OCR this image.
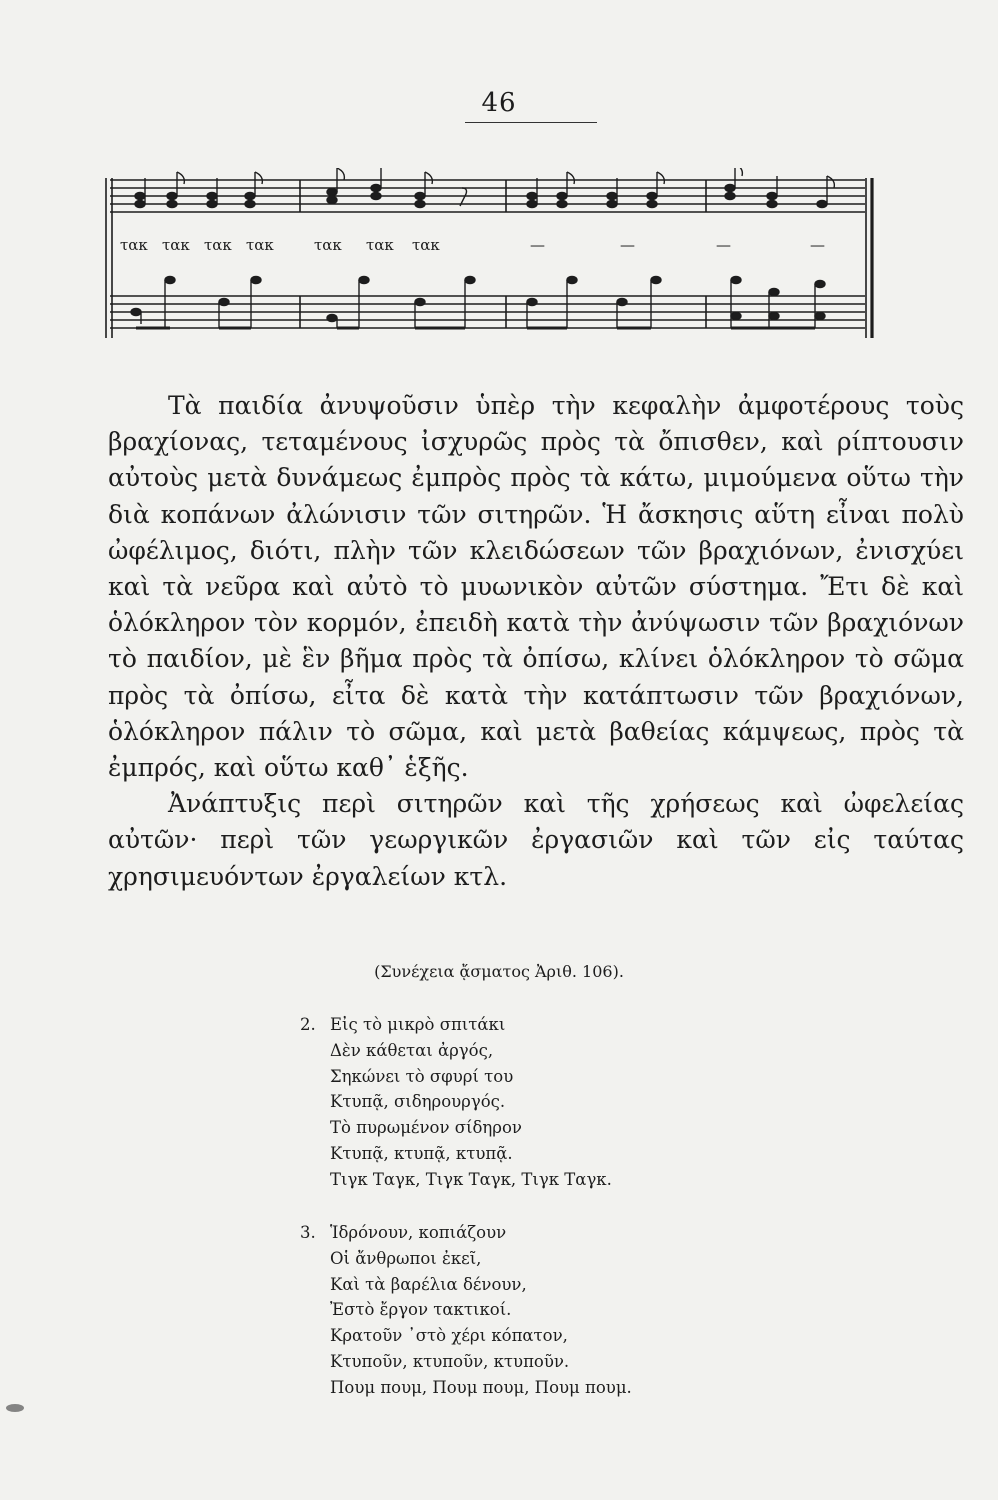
46
τακ τακ τακ τακ	τακ τακ τακ	—	—	—	—

Τὰ παιδία ἀνυψοῦσιν ὑπὲρ τὴν κεφαλὴν ἀμφοτέρους τοὺς βραχίονας, τεταμένους ἰσχυρῶς πρὸς τὰ ὄπισθεν, καὶ ρίπτουσιν αὐτοὺς μετὰ δυνάμεως ἐμπρὸς πρὸς τὰ κάτω, μιμούμενα οὕτω τὴν διὰ κοπάνων ἀλώνισιν τῶν σιτηρῶν. Ἡ ἄσκησις αὕτη εἶναι πολὺ ὠφέλιμος, διότι, πλὴν τῶν κλειδώσεων τῶν βραχιόνων, ἐνισχύει καὶ τὰ νεῦρα καὶ αὐτὸ τὸ μυωνικὸν αὐτῶν σύστημα. Ἔτι δὲ καὶ ὁλόκληρον τὸν κορμόν, ἐπειδὴ κατὰ τὴν ἀνύψωσιν τῶν βραχιόνων τὸ παιδίον, μὲ ἓν βῆμα πρὸς τὰ ὀπίσω, κλίνει ὁλόκληρον τὸ σῶμα πρὸς τὰ ὀπίσω, εἶτα δὲ κατὰ τὴν κατάπτωσιν τῶν βραχιόνων, ὁλόκληρον πάλιν τὸ σῶμα, καὶ μετὰ βαθείας κάμψεως, πρὸς τὰ ἐμπρός, καὶ οὕτω καθ᾽ ἑξῆς.

Ἀνάπτυξις περὶ σιτηρῶν καὶ τῆς χρήσεως καὶ ὠφελείας αὐτῶν· περὶ τῶν γεωργικῶν ἐργασιῶν καὶ τῶν εἰς ταύτας χρησιμευόντων ἐργαλείων κτλ.

(Συνέχεια ᾄσματος Ἀριθ. 106).
2. Εἰς τὸ μικρὸ σπιτάκι
Δὲν κάθεται ἀργός,
Σηκώνει τὸ σφυρί του
Κτυπᾷ, σιδηρουργός.
Τὸ πυρωμένον σίδηρον
Κτυπᾷ, κτυπᾷ, κτυπᾷ.
Τιγκ Ταγκ, Τιγκ Ταγκ, Τιγκ Ταγκ.
3. Ἱδρόνουν, κοπιάζουν
Οἱ ἄνθρωποι ἐκεῖ,
Καὶ τὰ βαρέλια δένουν,
Ἐστὸ ἔργον τακτικοί.
Κρατοῦν ᾽στὸ χέρι κόπατον,
Κτυποῦν, κτυποῦν, κτυποῦν.
Πουμ πουμ, Πουμ πουμ, Πουμ πουμ.
